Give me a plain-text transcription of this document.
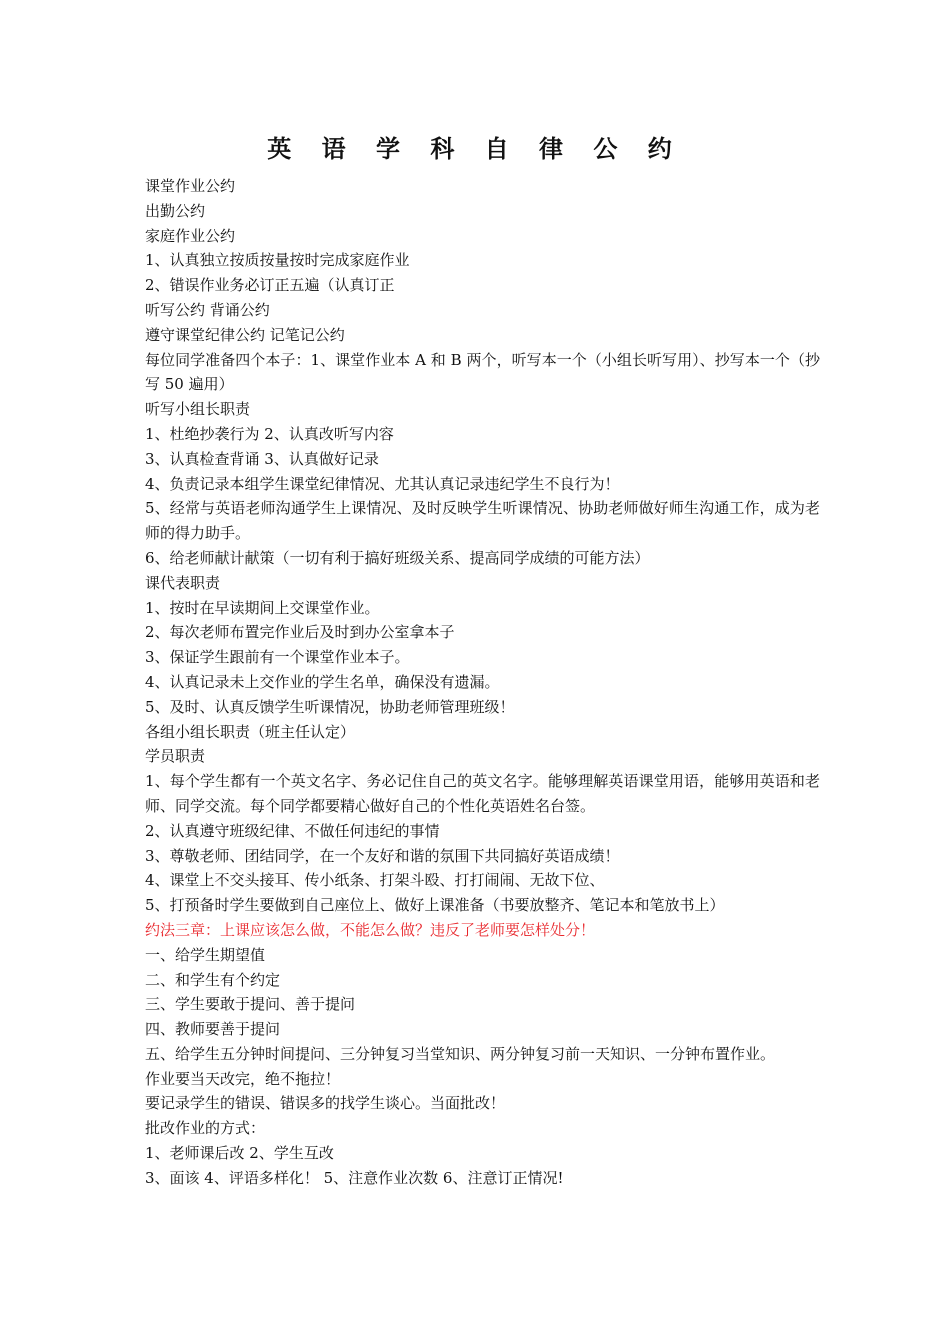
英 语 学 科 自 律 公 约
课堂作业公约
出勤公约
家庭作业公约
1、认真独立按质按量按时完成家庭作业
2、错误作业务必订正五遍（认真订正
听写公约 背诵公约
遵守课堂纪律公约 记笔记公约
每位同学准备四个本子：1、课堂作业本 A 和 B 两个，听写本一个（小组长听写用）、抄写本一个（抄写 50 遍用）
听写小组长职责
1、杜绝抄袭行为 2、认真改听写内容
3、认真检查背诵 3、认真做好记录
4、负责记录本组学生课堂纪律情况、尤其认真记录违纪学生不良行为！
5、经常与英语老师沟通学生上课情况、及时反映学生听课情况、协助老师做好师生沟通工作，成为老师的得力助手。
6、给老师献计献策（一切有利于搞好班级关系、提高同学成绩的可能方法）
课代表职责
1、按时在早读期间上交课堂作业。
2、每次老师布置完作业后及时到办公室拿本子
3、保证学生跟前有一个课堂作业本子。
4、认真记录未上交作业的学生名单，确保没有遗漏。
5、及时、认真反馈学生听课情况，协助老师管理班级！
各组小组长职责（班主任认定）
学员职责
1、每个学生都有一个英文名字、务必记住自己的英文名字。能够理解英语课堂用语，能够用英语和老师、同学交流。每个同学都要精心做好自己的个性化英语姓名台签。
2、认真遵守班级纪律、不做任何违纪的事情
3、尊敬老师、团结同学，在一个友好和谐的氛围下共同搞好英语成绩！
4、课堂上不交头接耳、传小纸条、打架斗殴、打打闹闹、无故下位、
5、打预备时学生要做到自己座位上、做好上课准备（书要放整齐、笔记本和笔放书上）
约法三章：上课应该怎么做，不能怎么做？违反了老师要怎样处分！
一、给学生期望值
二、和学生有个约定
三、学生要敢于提问、善于提问
四、教师要善于提问
五、给学生五分钟时间提问、三分钟复习当堂知识、两分钟复习前一天知识、一分钟布置作业。
作业要当天改完，绝不拖拉！
要记录学生的错误、错误多的找学生谈心。当面批改！
批改作业的方式：
1、老师课后改 2、学生互改
3、面该 4、评语多样化！ 5、注意作业次数 6、注意订正情况!
